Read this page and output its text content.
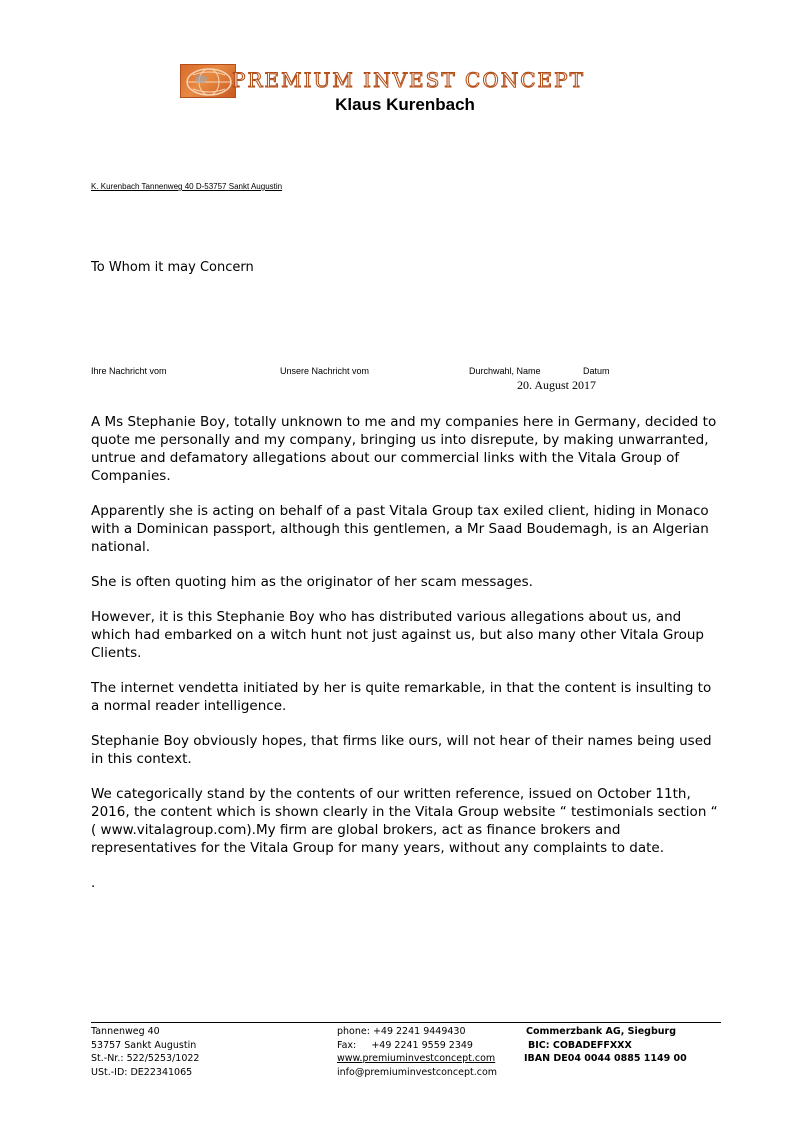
PREMIUM INVEST CONCEPT
Klaus Kurenbach
K. Kurenbach Tannenweg 40 D-53757 Sankt Augustin
To Whom it may Concern
Ihre Nachricht vom	Unsere Nachricht vom	Durchwahl, Name	Datum
20. August 2017

A Ms Stephanie Boy, totally unknown to me and my companies here in Germany, decided to quote me personally and my company, bringing us into disrepute, by making unwarranted, untrue and defamatory allegations about our commercial links with the Vitala Group of Companies.

Apparently she is acting on behalf of a past Vitala Group tax exiled client, hiding in Monaco with a Dominican passport, although this gentlemen, a Mr Saad Boudemagh, is an Algerian national.

She is often quoting him as the originator of her scam messages.

However, it is this Stephanie Boy who has distributed various allegations about us, and which had embarked on a witch hunt not just against us, but also many other Vitala Group Clients.

The internet vendetta initiated by her is quite remarkable, in that the content is insulting to a normal reader intelligence.

Stephanie Boy obviously hopes, that firms like ours, will not hear of their names being used in this context.

We categorically stand by the contents of our written reference, issued on October 11th, 2016, the content which is shown clearly in the Vitala Group website “ testimonials section “ ( www.vitalagroup.com).My firm are global brokers, act as finance brokers and representatives for the Vitala Group for many years, without any complaints to date.

.

Tannenweg 40
53757 Sankt Augustin
St.-Nr.: 522/5253/1022
USt.-ID: DE22341065
phone: +49 2241 9449430
Fax:     +49 2241 9559 2349
www.premiuminvestconcept.com
info@premiuminvestconcept.com
Commerzbank AG, Siegburg
BIC: COBADEFFXXX
IBAN DE04 0044 0885 1149 00
